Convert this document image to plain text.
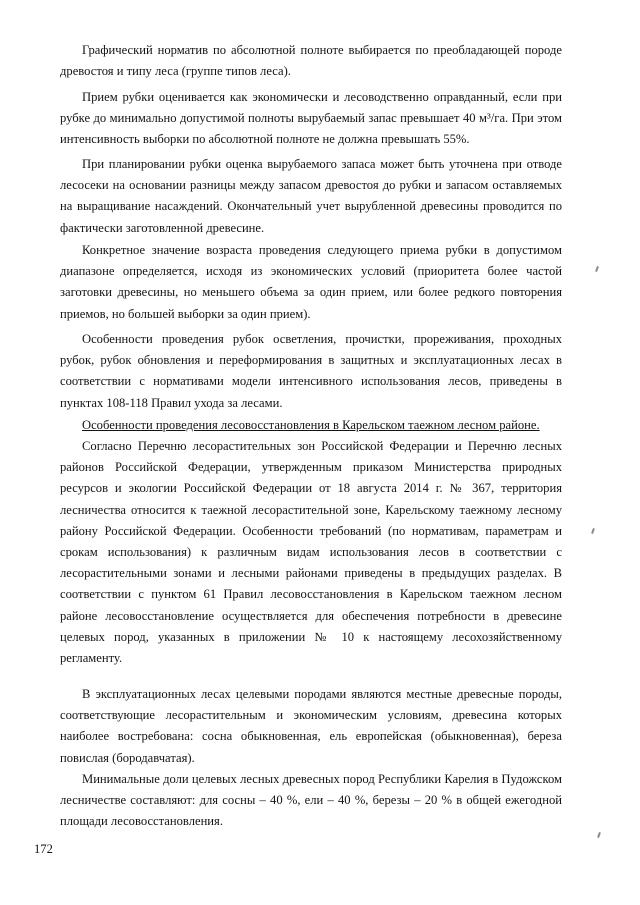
Графический норматив по абсолютной полноте выбирается по преобладающей породе древостоя и типу леса (группе типов леса).

Прием рубки оценивается как экономически и лесоводственно оправданный, если при рубке до минимально допустимой полноты вырубаемый запас превышает 40 м³/га. При этом интенсивность выборки по абсолютной полноте не должна превышать 55%.

При планировании рубки оценка вырубаемого запаса может быть уточнена при отводе лесосеки на основании разницы между запасом древостоя до рубки и запасом оставляемых на выращивание насаждений. Окончательный учет вырубленной древесины проводится по фактически заготовленной древесине.

Конкретное значение возраста проведения следующего приема рубки в допустимом диапазоне определяется, исходя из экономических условий (приоритета более частой заготовки древесины, но меньшего объема за один прием, или более редкого повторения приемов, но большей выборки за один прием).

Особенности проведения рубок осветления, прочистки, прореживания, проходных рубок, рубок обновления и переформирования в защитных и эксплуатационных лесах в соответствии с нормативами модели интенсивного использования лесов, приведены в пунктах 108-118 Правил ухода за лесами.

Особенности проведения лесовосстановления в Карельском таежном лесном районе.

Согласно Перечню лесорастительных зон Российской Федерации и Перечню лесных районов Российской Федерации, утвержденным приказом Министерства природных ресурсов и экологии Российской Федерации от 18 августа 2014 г. № 367, территория лесничества относится к таежной лесорастительной зоне, Карельскому таежному лесному району Российской Федерации. Особенности требований (по нормативам, параметрам и срокам использования) к различным видам использования лесов в соответствии с лесорастительными зонами и лесными районами приведены в предыдущих разделах. В соответствии с пунктом 61 Правил лесовосстановления в Карельском таежном лесном районе лесовосстановление осуществляется для обеспечения потребности в древесине целевых пород, указанных в приложении № 10 к настоящему лесохозяйственному регламенту.

В эксплуатационных лесах целевыми породами являются местные древесные породы, соответствующие лесорастительным и экономическим условиям, древесина которых наиболее востребована: сосна обыкновенная, ель европейская (обыкновенная), береза повислая (бородавчатая).

Минимальные доли целевых лесных древесных пород Республики Карелия в Пудожском лесничестве составляют: для сосны – 40 %, ели – 40 %, березы – 20 % в общей ежегодной площади лесовосстановления.

172
